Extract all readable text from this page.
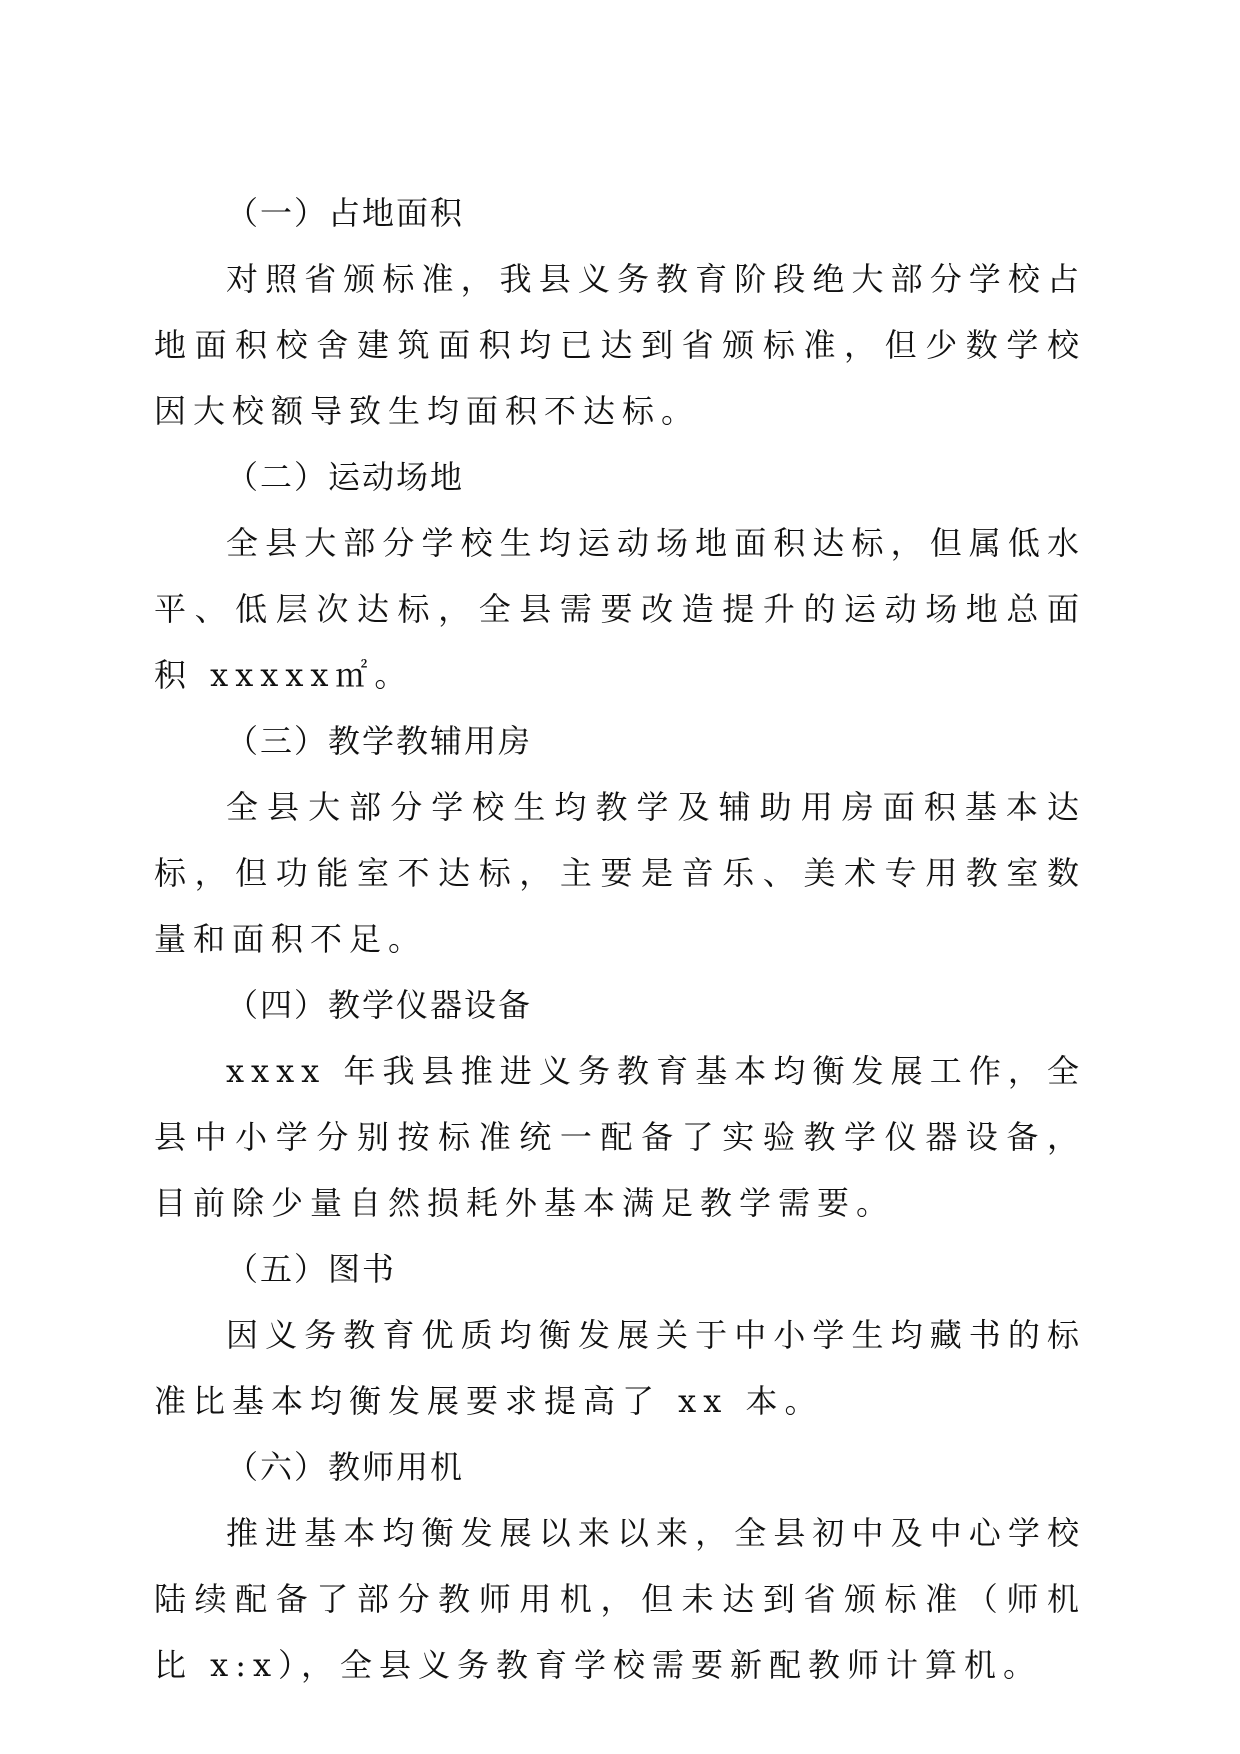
（一）占地面积

对照省颁标准，我县义务教育阶段绝大部分学校占地面积校舍建筑面积均已达到省颁标准，但少数学校因大校额导致生均面积不达标。

（二）运动场地

全县大部分学校生均运动场地面积达标，但属低水平、低层次达标，全县需要改造提升的运动场地总面积 xxxxx㎡。

（三）教学教辅用房

全县大部分学校生均教学及辅助用房面积基本达标，但功能室不达标，主要是音乐、美术专用教室数量和面积不足。

（四）教学仪器设备

xxxx 年我县推进义务教育基本均衡发展工作，全县中小学分别按标准统一配备了实验教学仪器设备，目前除少量自然损耗外基本满足教学需要。

（五）图书

因义务教育优质均衡发展关于中小学生均藏书的标准比基本均衡发展要求提高了 xx 本。

（六）教师用机

推进基本均衡发展以来以来，全县初中及中心学校陆续配备了部分教师用机，但未达到省颁标准（师机比 x:x），全县义务教育学校需要新配教师计算机。
